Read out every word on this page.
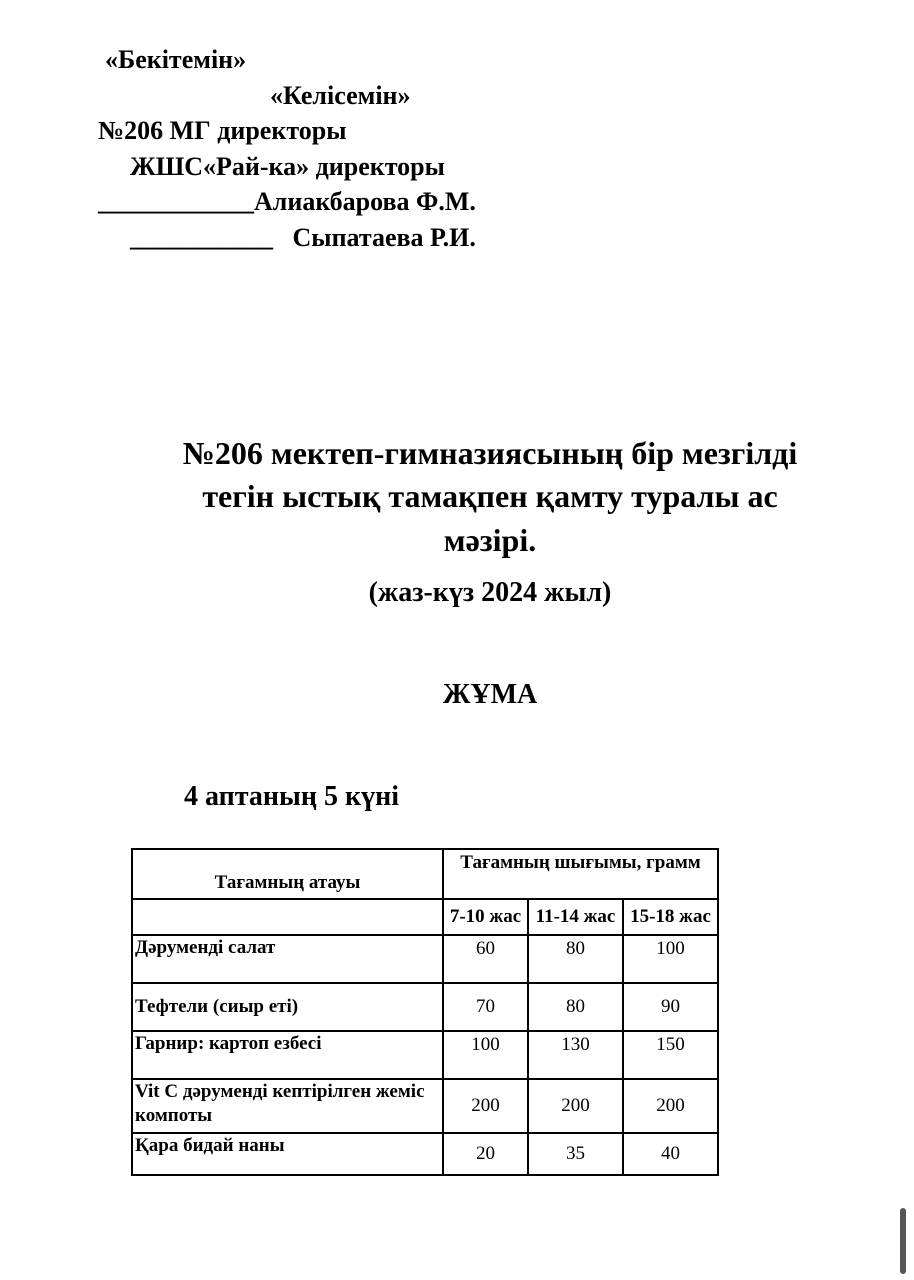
«Бекітемін»
«Келісемін»
№206 МГ директоры
ЖШС«Рай-ка» директоры
____________Алиакбарова Ф.М.
___________   Сыпатаева Р.И.
№206 мектеп-гимназиясының бір мезгілді
тегін ыстық тамақпен қамту туралы ас
мәзірі.
(жаз-күз 2024 жыл)
ЖҰМА
4 аптаның 5 күні
Тағамның атауы	Тағамның шығымы, грамм		
	7-10 жас	11-14 жас	15-18 жас
Дәруменді салат	60	80	100
Тефтели (сиыр еті)	70	80	90
Гарнир: картоп езбесі	100	130	150
Vit C дәруменді кептірілген жеміс компоты	200	200	200
Қара бидай наны	20	35	40
